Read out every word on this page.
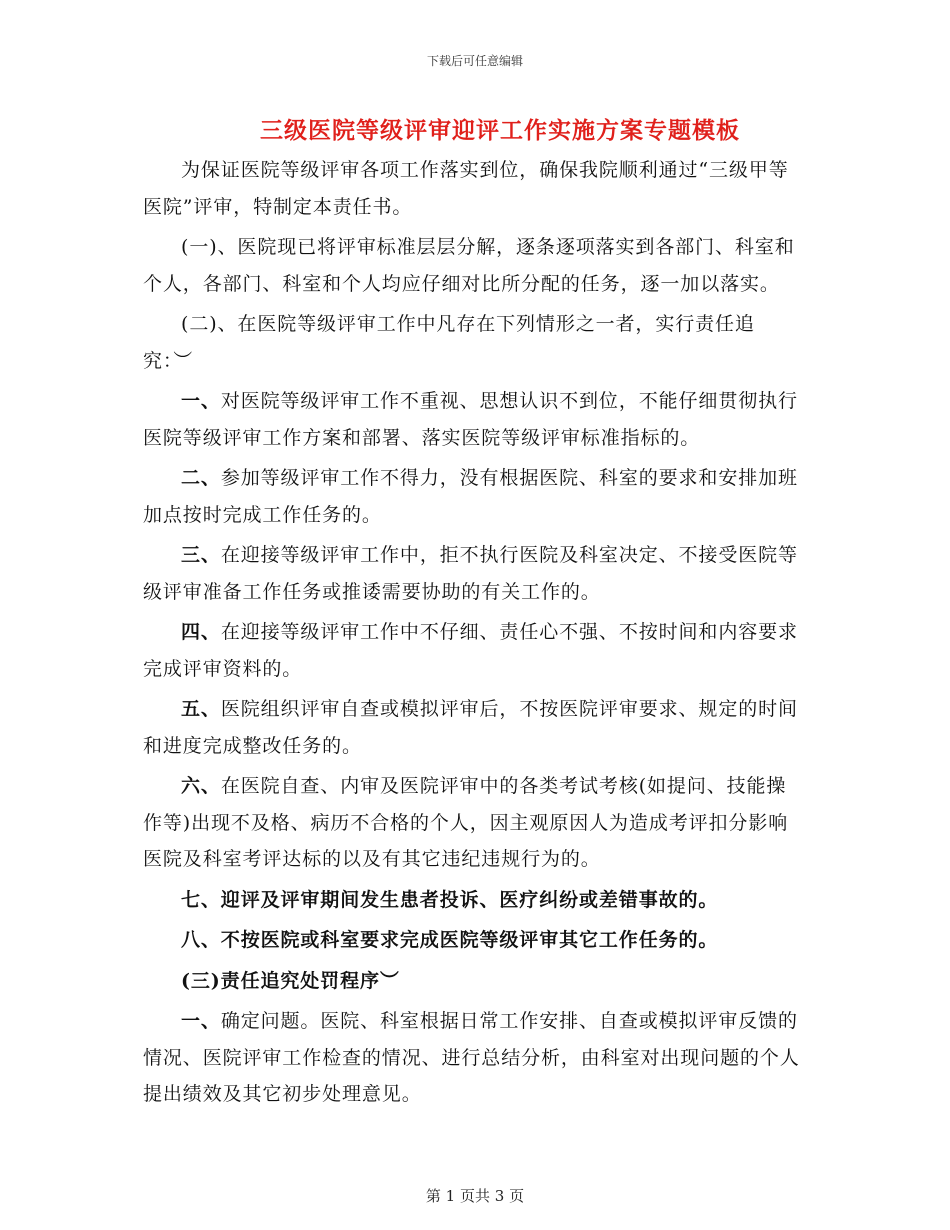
下载后可任意编辑
三级医院等级评审迎评工作实施方案专题模板

为保证医院等级评审各项工作落实到位，确保我院顺利通过“三级甲等医院”评审，特制定本责任书。

(一)、医院现已将评审标准层层分解，逐条逐项落实到各部门、科室和个人，各部门、科室和个人均应仔细对比所分配的任务，逐一加以落实。

(二)、在医院等级评审工作中凡存在下列情形之一者，实行责任追究：︶

一、对医院等级评审工作不重视、思想认识不到位，不能仔细贯彻执行医院等级评审工作方案和部署、落实医院等级评审标准指标的。

二、参加等级评审工作不得力，没有根据医院、科室的要求和安排加班加点按时完成工作任务的。

三、在迎接等级评审工作中，拒不执行医院及科室决定、不接受医院等级评审准备工作任务或推诿需要协助的有关工作的。

四、在迎接等级评审工作中不仔细、责任心不强、不按时间和内容要求完成评审资料的。

五、医院组织评审自查或模拟评审后，不按医院评审要求、规定的时间和进度完成整改任务的。

六、在医院自查、内审及医院评审中的各类考试考核(如提问、技能操作等)出现不及格、病历不合格的个人，因主观原因人为造成考评扣分影响医院及科室考评达标的以及有其它违纪违规行为的。

七、迎评及评审期间发生患者投诉、医疗纠纷或差错事故的。

八、不按医院或科室要求完成医院等级评审其它工作任务的。

(三)责任追究处罚程序︶

一、确定问题。医院、科室根据日常工作安排、自查或模拟评审反馈的情况、医院评审工作检查的情况、进行总结分析，由科室对出现问题的个人提出绩效及其它初步处理意见。

第 1 页共 3 页
